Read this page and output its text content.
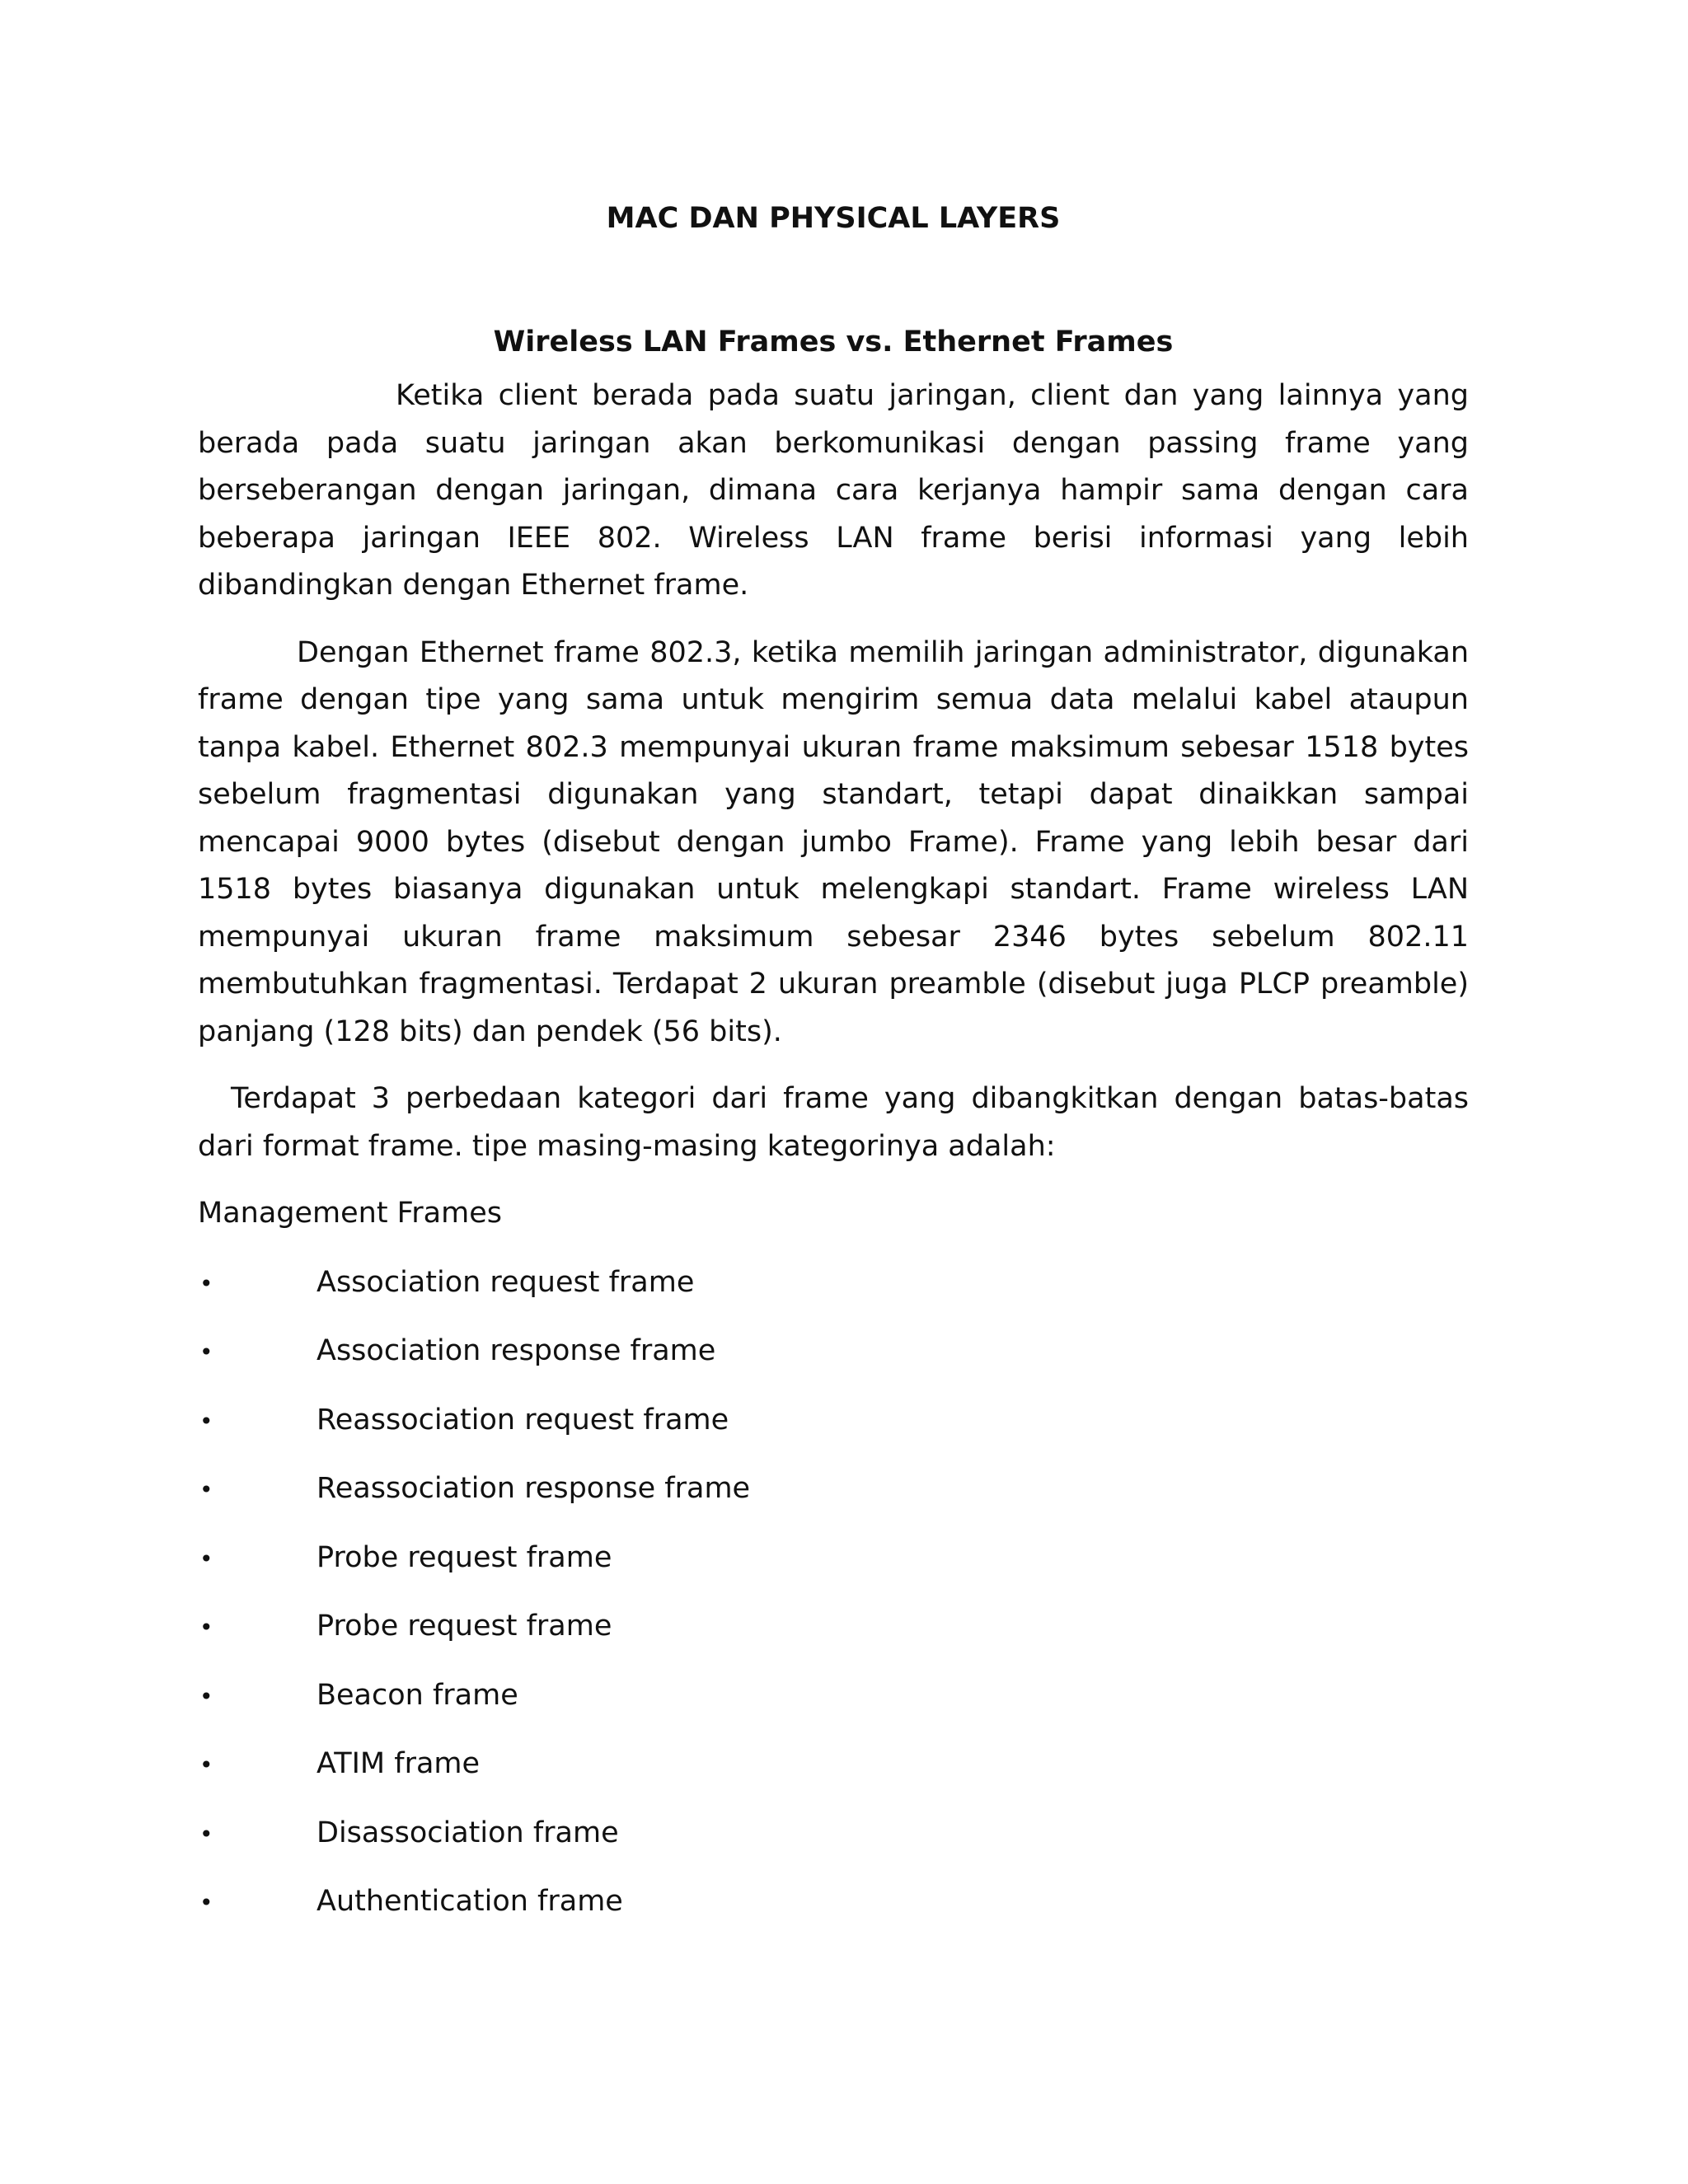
MAC DAN PHYSICAL LAYERS
Wireless LAN Frames vs. Ethernet Frames

Ketika client berada pada suatu jaringan, client dan yang lainnya yang berada pada suatu jaringan akan berkomunikasi dengan passing frame yang berseberangan dengan jaringan, dimana cara kerjanya hampir sama dengan cara beberapa jaringan IEEE 802. Wireless LAN frame berisi informasi yang lebih dibandingkan dengan Ethernet frame.

Dengan Ethernet frame 802.3, ketika memilih jaringan administrator, digunakan frame dengan tipe yang sama untuk mengirim semua data melalui kabel ataupun tanpa kabel. Ethernet 802.3 mempunyai ukuran frame maksimum sebesar 1518 bytes sebelum fragmentasi digunakan yang standart, tetapi dapat dinaikkan sampai mencapai 9000 bytes (disebut dengan jumbo Frame). Frame yang lebih besar dari 1518 bytes biasanya digunakan untuk melengkapi standart. Frame wireless LAN mempunyai ukuran frame maksimum sebesar 2346 bytes sebelum 802.11 membutuhkan fragmentasi. Terdapat 2 ukuran preamble (disebut juga PLCP preamble) panjang (128 bits) dan pendek (56 bits).

Terdapat 3 perbedaan kategori dari frame yang dibangkitkan dengan batas-batas dari format frame. tipe masing-masing kategorinya adalah:

Management Frames
•	Association request frame
•	Association response frame
•	Reassociation request frame
•	Reassociation response frame
•	Probe request frame
•	Probe request frame
•	Beacon frame
•	ATIM frame
•	Disassociation frame
•	Authentication frame
